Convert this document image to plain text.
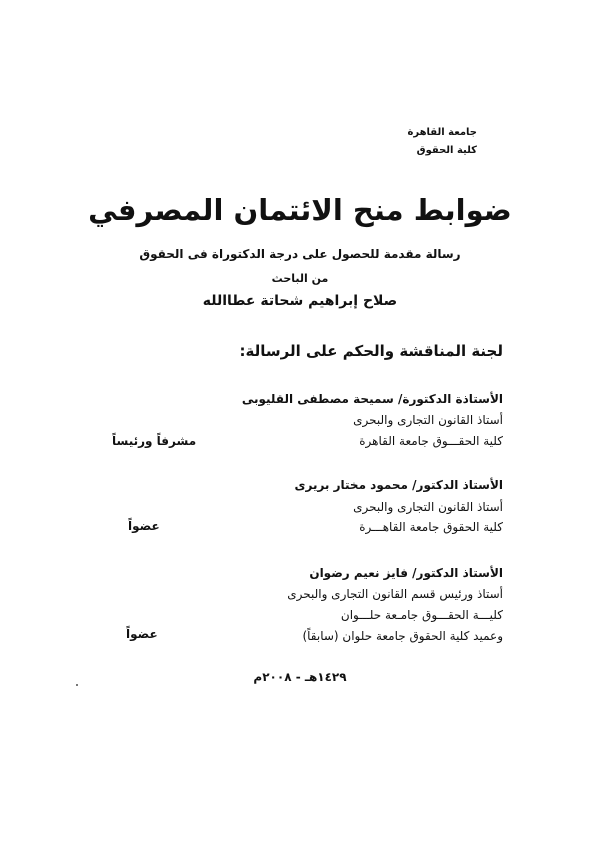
جامعة القاهرة
كلية الحقوق
ضوابط منح الائتمان المصرفي
رسالة مقدمة للحصول على درجة الدكتوراة فى الحقوق
من الباحث
صلاح إبراهيم شحاتة عطاالله
لجنة المناقشة والحكم على الرسالة:
الأستاذة الدكتورة/ سميحة مصطفى القليوبى
أستاذ القانون التجارى والبحرى
كلية الحقـــوق جامعة القاهرة
مشرفاً ورئيساً
الأستاذ الدكتور/ محمود مختار بريرى
أستاذ القانون التجارى والبحرى
كلية الحقوق جامعة القاهـــرة
عضواً
الأستاذ الدكتور/ فايز نعيم رضوان
أستاذ ورئيس قسم القانون التجارى والبحرى
كليـــة الحقـــوق جامـعة حلـــوان
وعميد كلية الحقوق جامعة حلوان (سابقاً)
عضواً
١٤٢٩هـ - ٢٠٠٨م
